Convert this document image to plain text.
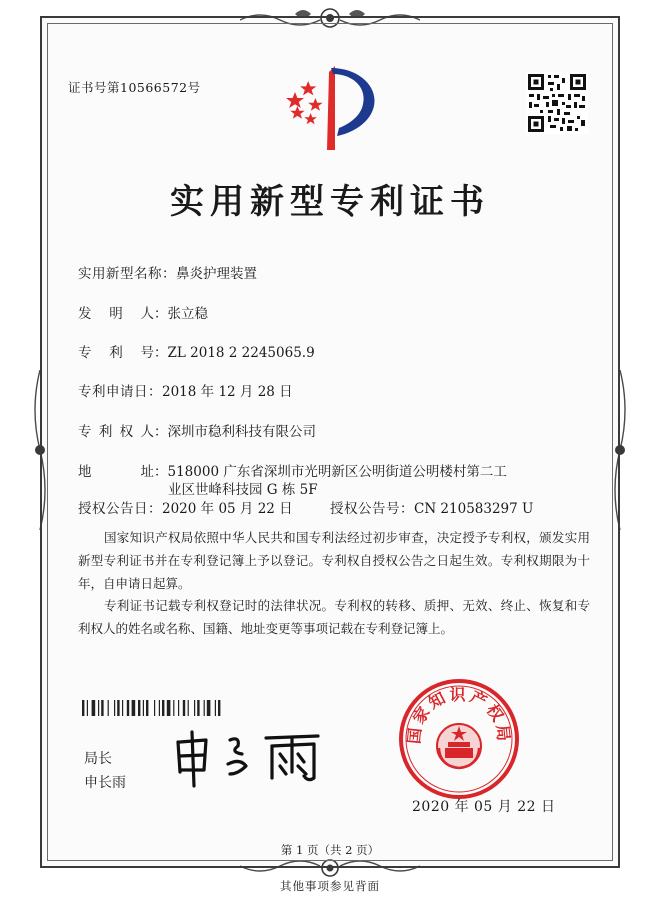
证书号第10566572号
实用新型专利证书
实用新型名称：鼻炎护理装置
发 明 人 ：张立稳
专 利 号 ：ZL 2018 2 2245065.9
专利申请日：2018 年 12 月 28 日
专 利 权 人 ：深圳市稳利科技有限公司
地	址 ：518000 广东省深圳市光明新区公明街道公明楼村第二工
业区世峰科技园 G 栋 5F
授权公告日：2020 年 05 月 22 日	授权公告号：CN 210583297 U
国家知识产权局依照中华人民共和国专利法经过初步审查，决定授予专利权，颁发实用新型专利证书并在专利登记簿上予以登记。专利权自授权公告之日起生效。专利权期限为十年，自申请日起算。
专利证书记载专利权登记时的法律状况。专利权的转移、质押、无效、终止、恢复和专利权人的姓名或名称、国籍、地址变更等事项记载在专利登记簿上。
局长
申长雨
国家知识产权局
2020 年 05 月 22 日
第 1 页（共 2 页）
其他事项参见背面
